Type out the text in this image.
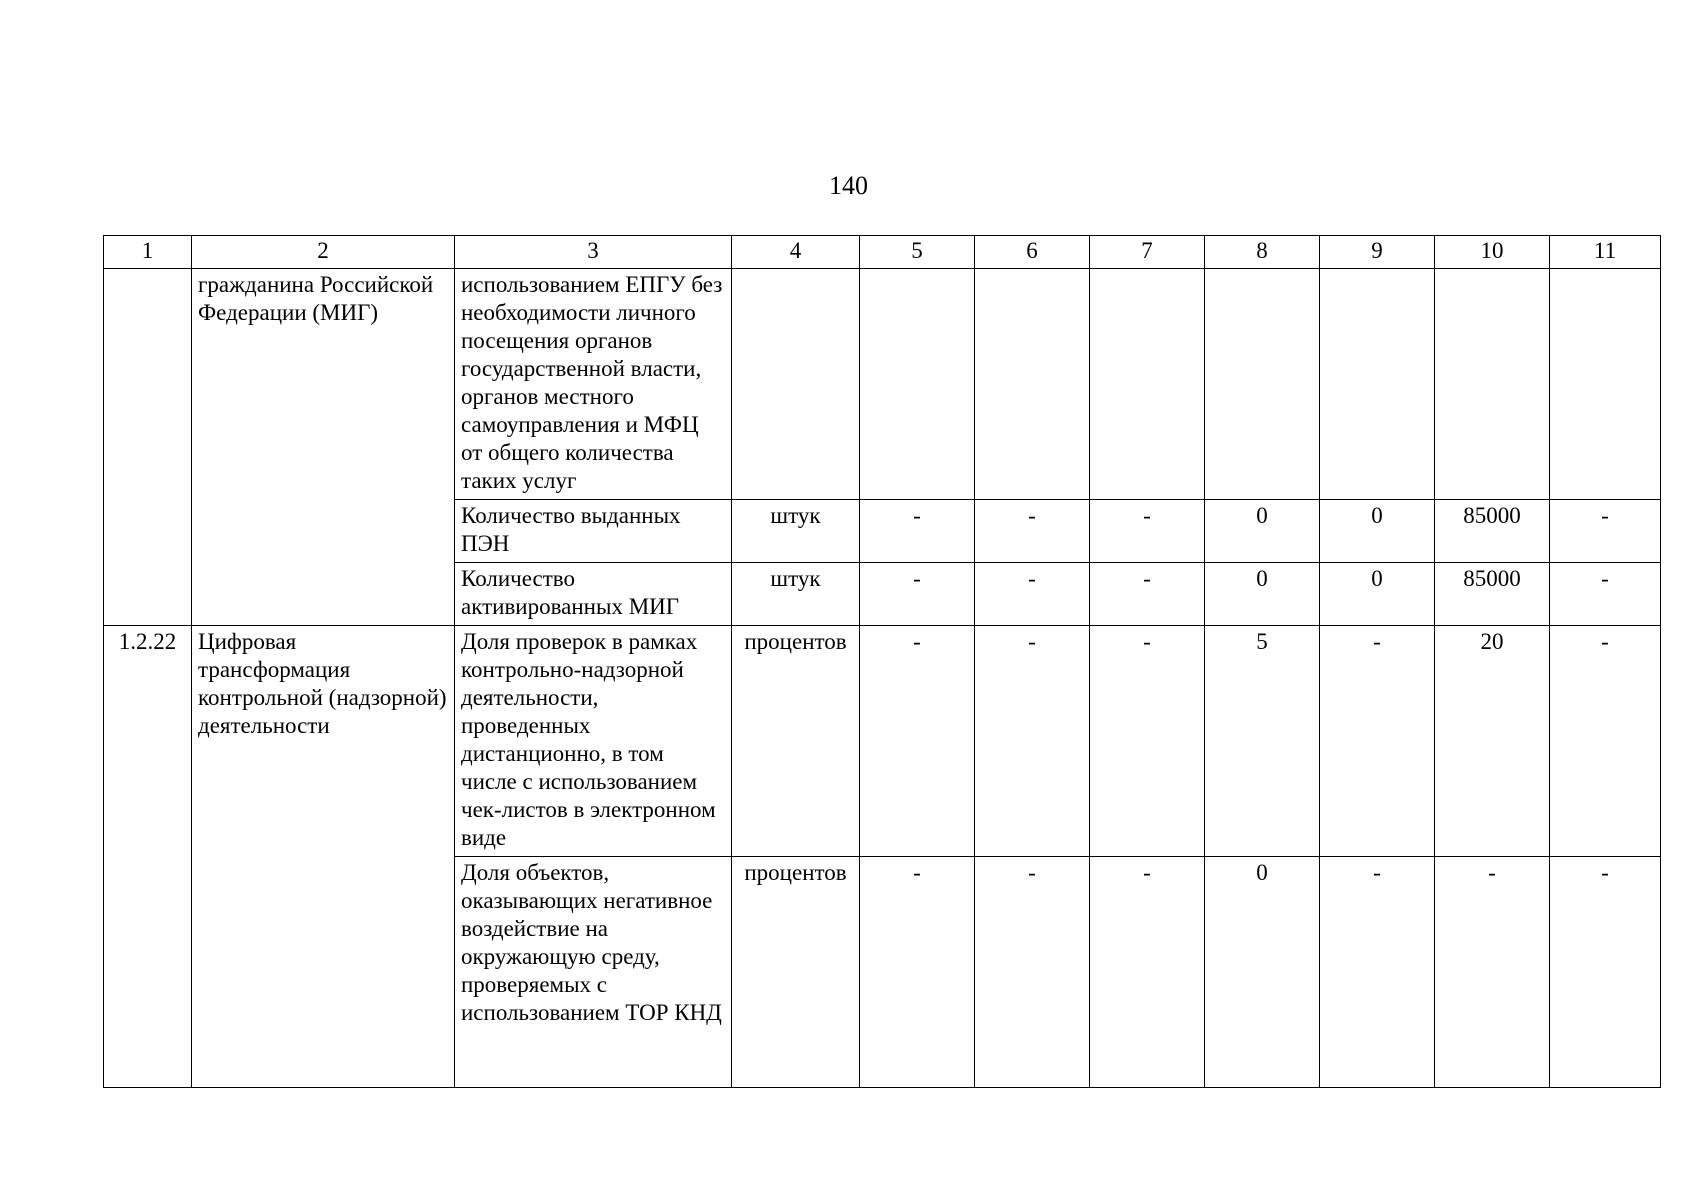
140
1	2	3	4	5	6	7	8	9	10	11
	гражданина Российской Федерации (МИГ)	использованием ЕПГУ без необходимости личного посещения органов государственной власти, органов местного самоуправления и МФЦ от общего количества таких услуг								
		Количество выданных ПЭН	штук	-	-	-	0	0	85000	-
		Количество активированных МИГ	штук	-	-	-	0	0	85000	-
1.2.22	Цифровая трансформация контрольной (надзорной) деятельности	Доля проверок в рамках контрольно-надзорной деятельности, проведенных дистанционно, в том числе с использованием чек-листов в электронном виде	процентов	-	-	-	5	-	20	-
		Доля объектов, оказывающих негативное воздействие на окружающую среду, проверяемых с использованием ТОР КНД	процентов	-	-	-	0	-	-	-
